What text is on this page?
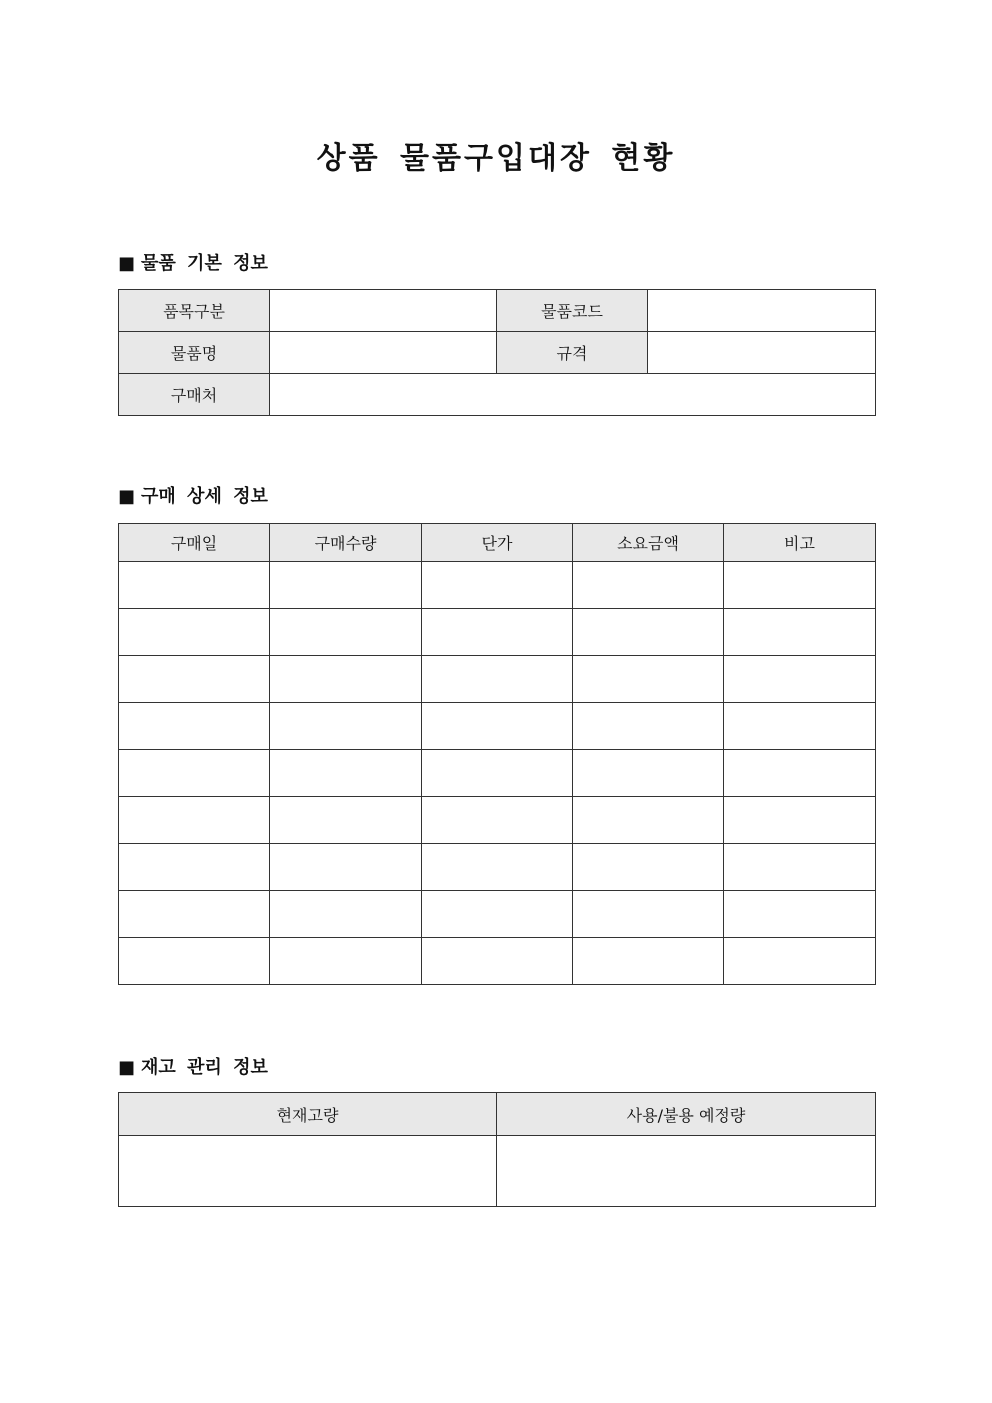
상품 물품구입대장 현황
■ 물품 기본 정보
품목구분		물품코드	
물품명		규격	
구매처			
■ 구매 상세 정보
구매일	구매수량	단가	소요금액	비고

■ 재고 관리 정보
현재고량	사용/불용 예정량
